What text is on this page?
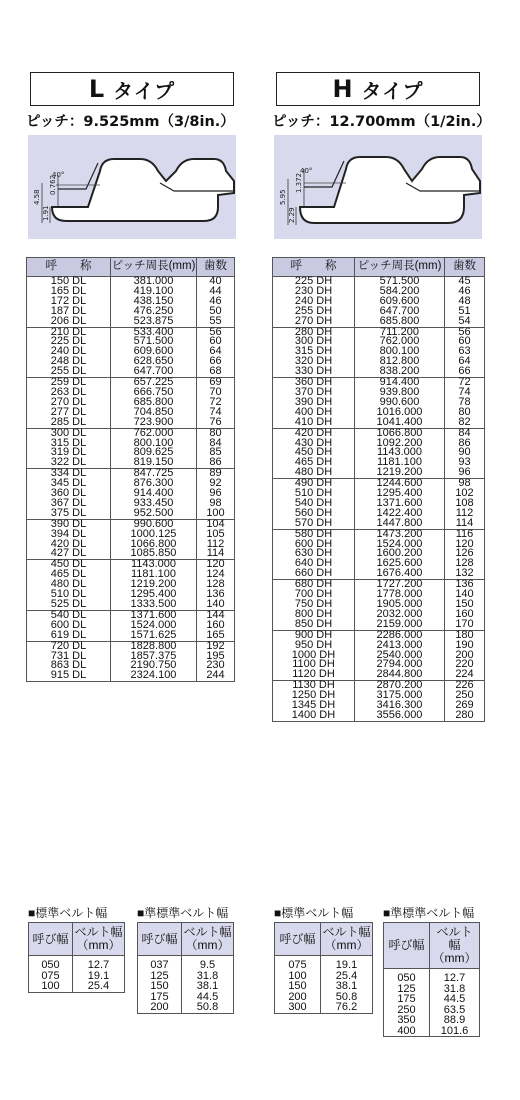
L タイプ
ピッチ：9.525mm（3/8in.）
4.58
1.91
0.762
40°
呼　　称	ピッチ周長(mm)	歯数
150 DL	381.000	40
165 DL	419.100	44
172 DL	438.150	46
187 DL	476.250	50
206 DL	523.875	55
210 DL	533.400	56
225 DL	571.500	60
240 DL	609.600	64
248 DL	628.650	66
255 DL	647.700	68
259 DL	657.225	69
263 DL	666.750	70
270 DL	685.800	72
277 DL	704.850	74
285 DL	723.900	76
300 DL	762.000	80
315 DL	800.100	84
319 DL	809.625	85
322 DL	819.150	86
334 DL	847.725	89
345 DL	876.300	92
360 DL	914.400	96
367 DL	933.450	98
375 DL	952.500	100
390 DL	990.600	104
394 DL	1000.125	105
420 DL	1066.800	112
427 DL	1085.850	114
450 DL	1143.000	120
465 DL	1181.100	124
480 DL	1219.200	128
510 DL	1295.400	136
525 DL	1333.500	140
540 DL	1371.600	144
600 DL	1524.000	160
619 DL	1571.625	165
720 DL	1828.800	192
731 DL	1857.375	195
863 DL	2190.750	230
915 DL	2324.100	244
■標準ベルト幅
呼び幅	ベルト幅
（mm）
050	12.7
075	19.1
100	25.4
■準標準ベルト幅
呼び幅	ベルト幅
（mm）
037	9.5
125	31.8
150	38.1
175	44.5
200	50.8
H タイプ
ピッチ：12.700mm（1/2in.）
5.95
2.29
1.372
40°
呼　　称	ピッチ周長(mm)	歯数
225 DH	571.500	45
230 DH	584.200	46
240 DH	609.600	48
255 DH	647.700	51
270 DH	685.800	54
280 DH	711.200	56
300 DH	762.000	60
315 DH	800.100	63
320 DH	812.800	64
330 DH	838.200	66
360 DH	914.400	72
370 DH	939.800	74
390 DH	990.600	78
400 DH	1016.000	80
410 DH	1041.400	82
420 DH	1066.800	84
430 DH	1092.200	86
450 DH	1143.000	90
465 DH	1181.100	93
480 DH	1219.200	96
490 DH	1244.600	98
510 DH	1295.400	102
540 DH	1371.600	108
560 DH	1422.400	112
570 DH	1447.800	114
580 DH	1473.200	116
600 DH	1524.000	120
630 DH	1600.200	126
640 DH	1625.600	128
660 DH	1676.400	132
680 DH	1727.200	136
700 DH	1778.000	140
750 DH	1905.000	150
800 DH	2032.000	160
850 DH	2159.000	170
900 DH	2286.000	180
950 DH	2413.000	190
1000 DH	2540.000	200
1100 DH	2794.000	220
1120 DH	2844.800	224
1130 DH	2870.200	226
1250 DH	3175.000	250
1345 DH	3416.300	269
1400 DH	3556.000	280
■標準ベルト幅
呼び幅	ベルト幅
（mm）
075	19.1
100	25.4
150	38.1
200	50.8
300	76.2
■準標準ベルト幅
呼び幅	ベルト幅
（mm）
050	12.7
125	31.8
175	44.5
250	63.5
350	88.9
400	101.6
